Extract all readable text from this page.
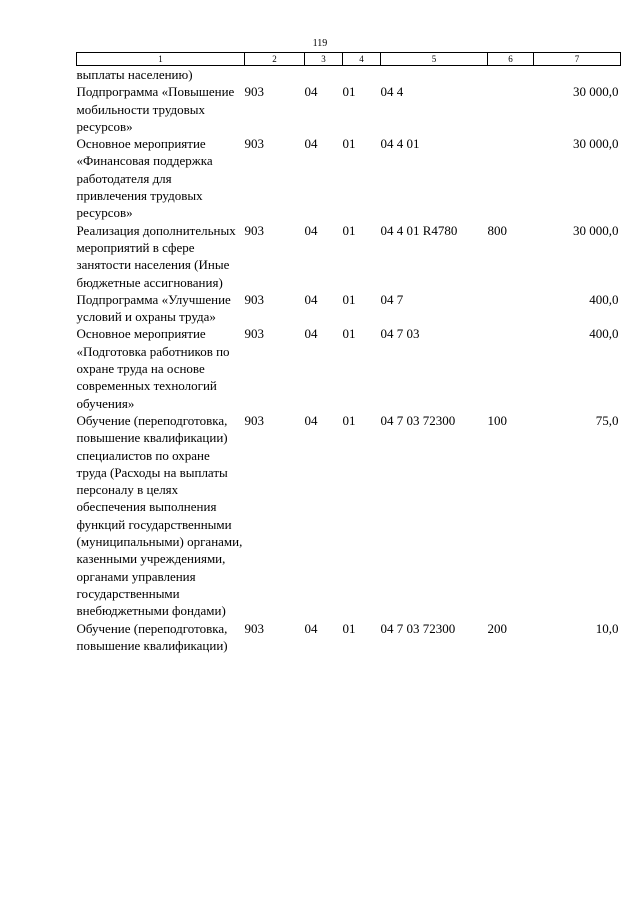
119
1	2	3	4	5	6	7
выплаты населению)						
Подпрограмма «Повышение мобильности трудовых ресурсов»	903	04	01	04 4		30 000,0
Основное мероприятие «Финансовая поддержка работодателя для привлечения трудовых ресурсов»	903	04	01	04 4 01		30 000,0
Реализация дополнительных мероприятий в сфере занятости населения (Иные бюджетные ассигнования)	903	04	01	04 4 01 R4780	800	30 000,0
Подпрограмма «Улучшение условий и охраны труда»	903	04	01	04 7		400,0
Основное мероприятие «Подготовка работников по охране труда на основе современных технологий обучения»	903	04	01	04 7 03		400,0
Обучение (переподготовка, повышение квалификации) специалистов по охране труда (Расходы на выплаты персоналу в целях обеспечения выполнения функций государственными (муниципальными) органами, казенными учреждениями, органами управления государственными внебюджетными фондами)	903	04	01	04 7 03 72300	100	75,0
Обучение (переподготовка, повышение квалификации)	903	04	01	04 7 03 72300	200	10,0
